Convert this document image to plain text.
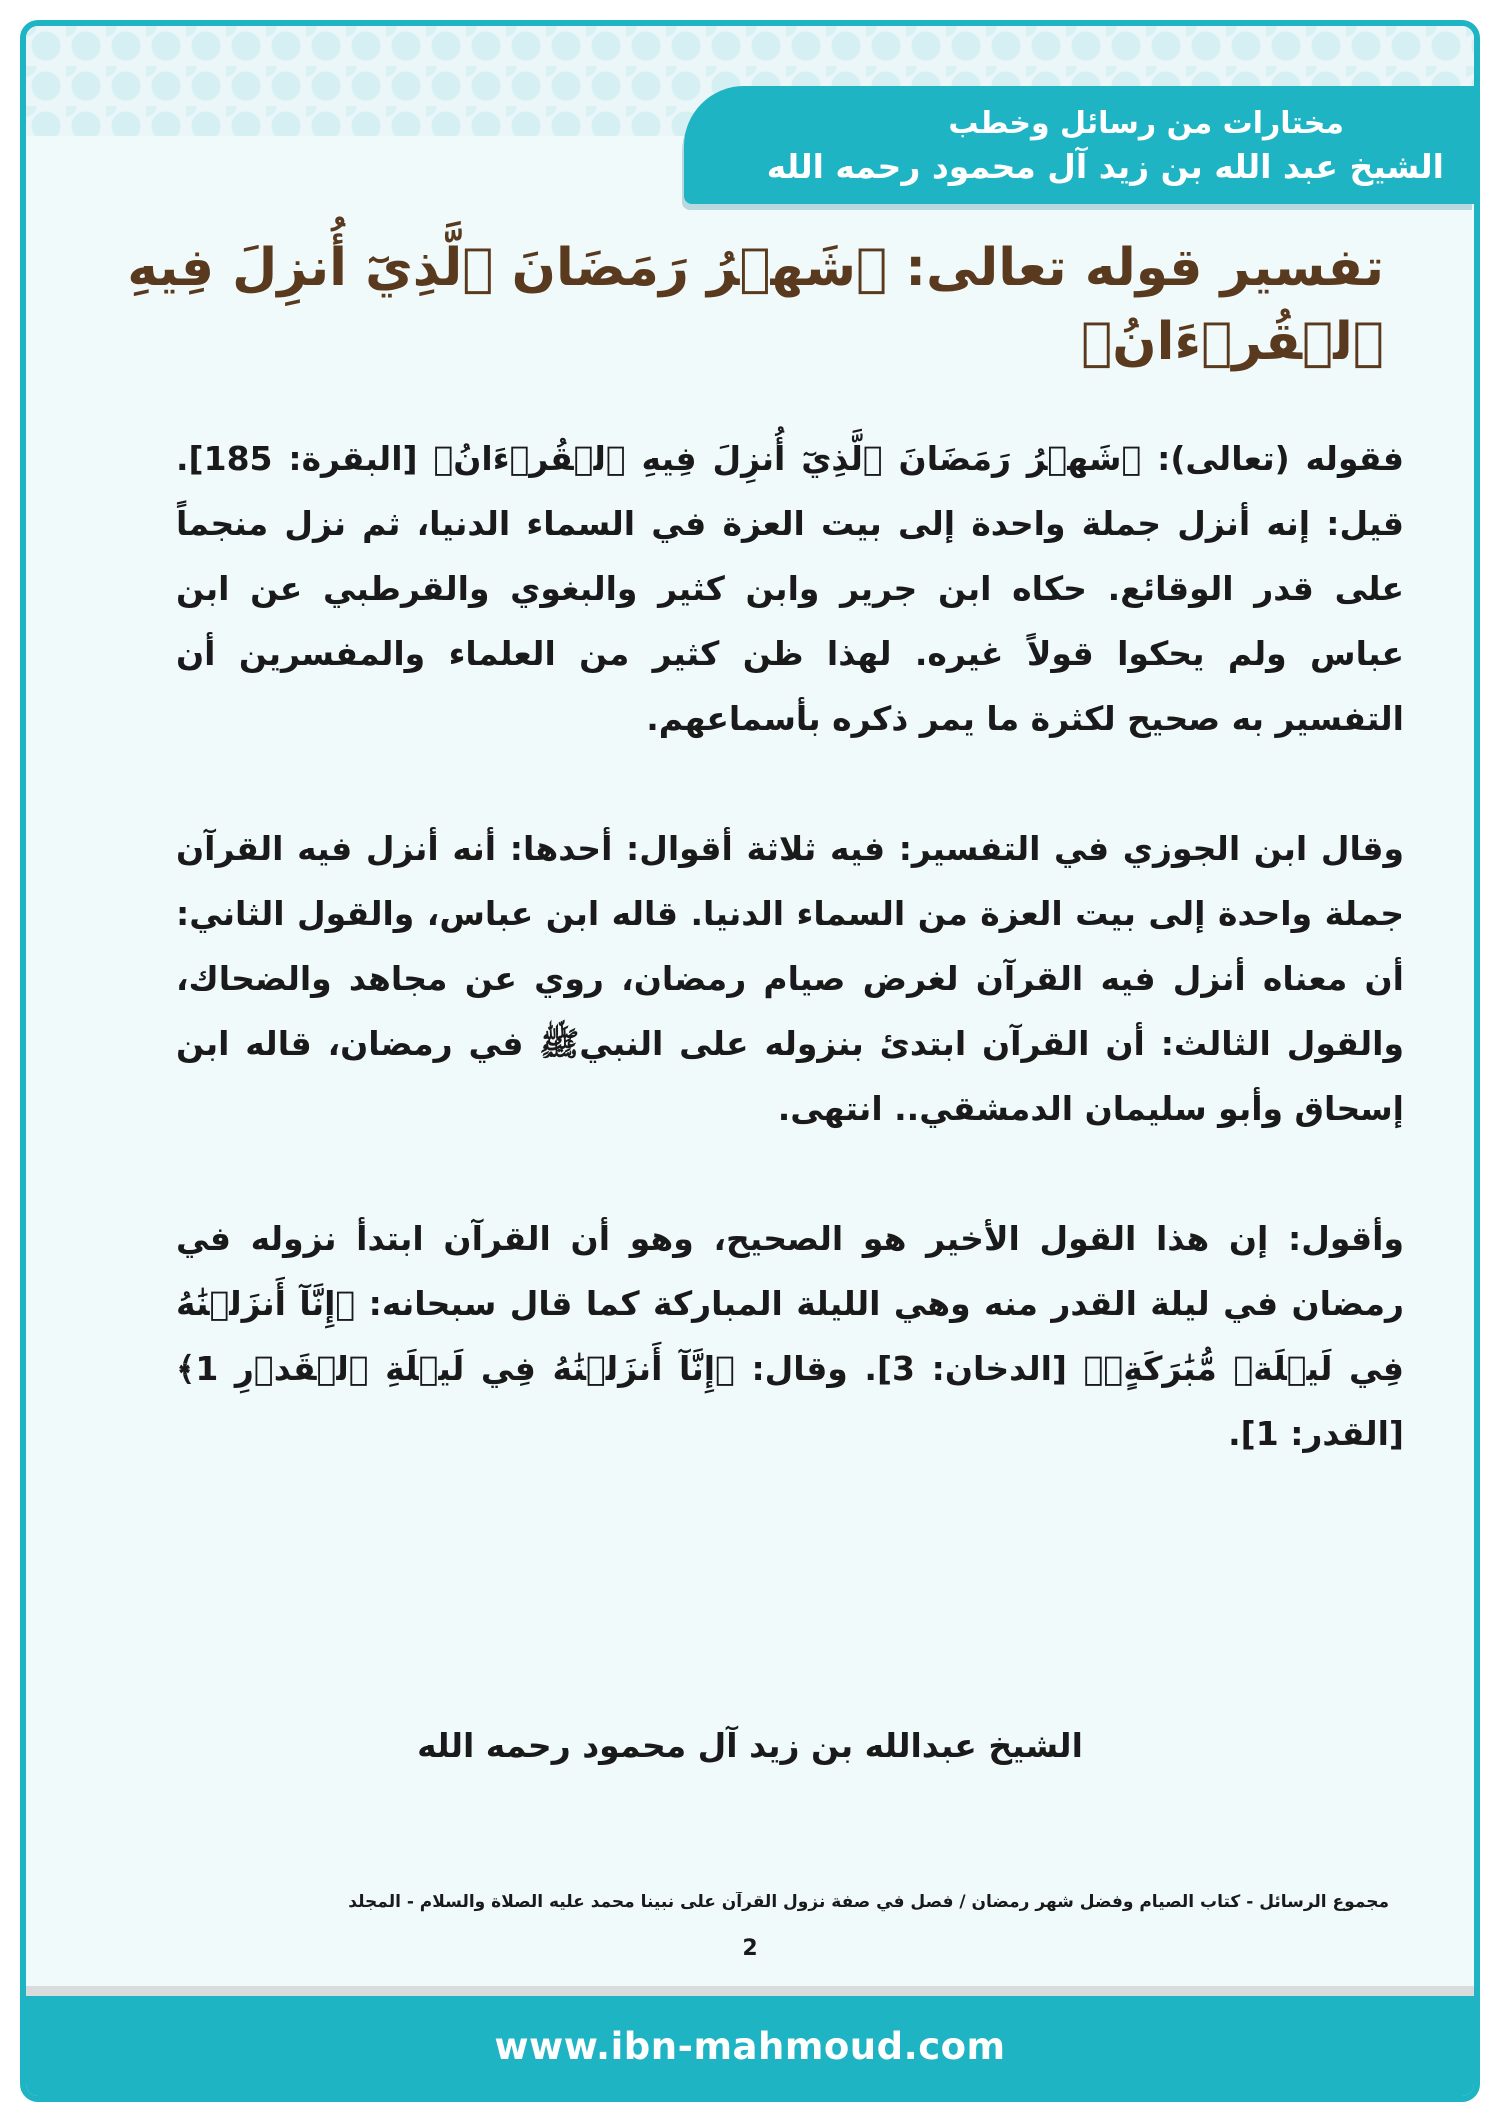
مختارات من رسائل وخطب
الشيخ عبد الله بن زيد آل محمود رحمه الله
تفسير قوله تعالى: ﴿شَهۡرُ رَمَضَانَ ٱلَّذِيٓ أُنزِلَ فِيهِ ٱلۡقُرۡءَانُ﴾

فقوله (تعالى): ﴿شَهۡرُ رَمَضَانَ ٱلَّذِيٓ أُنزِلَ فِيهِ ٱلۡقُرۡءَانُ﴾ [البقرة: 185]. قيل: إنه أنزل جملة واحدة إلى بيت العزة في السماء الدنيا، ثم نزل منجماً على قدر الوقائع. حكاه ابن جرير وابن كثير والبغوي والقرطبي عن ابن عباس ولم يحكوا قولاً غيره. لهذا ظن كثير من العلماء والمفسرين أن التفسير به صحيح لكثرة ما يمر ذكره بأسماعهم.

وقال ابن الجوزي في التفسير: فيه ثلاثة أقوال: أحدها: أنه أنزل فيه القرآن جملة واحدة إلى بيت العزة من السماء الدنيا. قاله ابن عباس، والقول الثاني: أن معناه أنزل فيه القرآن لغرض صيام رمضان، روي عن مجاهد والضحاك، والقول الثالث: أن القرآن ابتدئ بنزوله على النبيﷺ في رمضان، قاله ابن إسحاق وأبو سليمان الدمشقي.. انتهى.

وأقول: إن هذا القول الأخير هو الصحيح، وهو أن القرآن ابتدأ نزوله في رمضان في ليلة القدر منه وهي الليلة المباركة كما قال سبحانه: ﴿إِنَّآ أَنزَلۡنَٰهُ فِي لَيۡلَةٖ مُّبَٰرَكَةٍۚ﴾ [الدخان: 3]. وقال: ﴿إِنَّآ أَنزَلۡنَٰهُ فِي لَيۡلَةِ ٱلۡقَدۡرِ 1﴾ [القدر: 1].

الشيخ عبدالله بن زيد آل محمود رحمه الله
مجموع الرسائل - كتاب الصيام وفضل شهر رمضان / فصل في صفة نزول القرآن على نبينا محمد عليه الصلاة والسلام - المجلد
2
www.ibn-mahmoud.com
